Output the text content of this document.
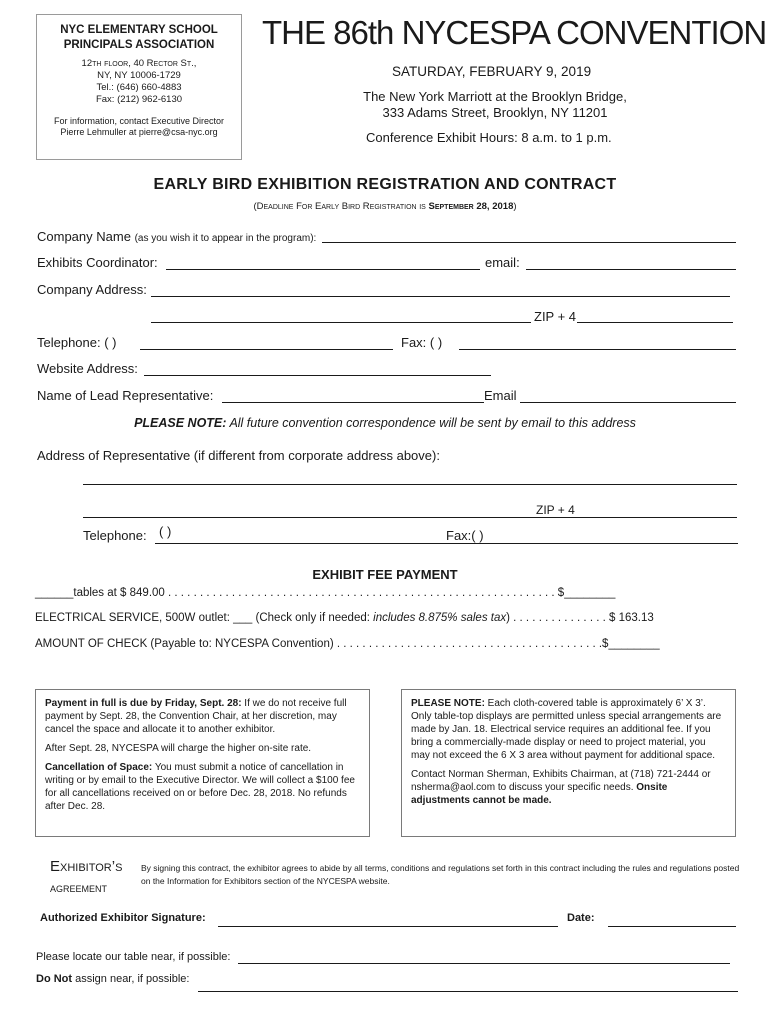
NYC ELEMENTARY SCHOOL
PRINCIPALS ASSOCIATION
12th floor, 40 Rector St.,
NY, NY 10006-1729
Tel.: (646) 660-4883
Fax: (212) 962-6130
For information, contact Executive Director
Pierre Lehmuller at pierre@csa-nyc.org
THE 86th NYCESPA CONVENTION
SATURDAY, FEBRUARY 9, 2019
The New York Marriott at the Brooklyn Bridge,
333 Adams Street, Brooklyn, NY 11201
Conference Exhibit Hours: 8 a.m. to 1 p.m.
EARLY BIRD EXHIBITION REGISTRATION AND CONTRACT
(Deadline For Early Bird Registration is September 28, 2018)
Company Name (as you wish it to appear in the program):
Exhibits Coordinator:	email:
Company Address:
ZIP + 4
Telephone: ( )	Fax: ( )
Website Address:
Name of Lead Representative:	Email
PLEASE NOTE: All future convention correspondence will be sent by email to this address
Address of Representative (if different from corporate address above):
ZIP + 4
Telephone: ( )	Fax:( )
EXHIBIT FEE PAYMENT
______tables at $ 849.00 . . . . . . . . . . . . . . . . . . . . . . . . . . . . . . . . . . . . . . . . . . . . . . . . . . . . . . . . . . . . . $________
ELECTRICAL SERVICE, 500W outlet: ___ (Check only if needed: includes 8.875% sales tax) . . . . . . . . . . . . . . . $ 163.13
AMOUNT OF CHECK (Payable to: NYCESPA Convention) . . . . . . . . . . . . . . . . . . . . . . . . . . . . . . . . . . . . . . . . . .$________

Payment in full is due by Friday, Sept. 28: If we do not receive full payment by Sept. 28, the Convention Chair, at her discretion, may cancel the space and allocate it to another exhibitor.

After Sept. 28, NYCESPA will charge the higher on-site rate.

Cancellation of Space: You must submit a notice of cancellation in writing or by email to the Executive Director. We will collect a $100 fee for all cancellations received on or before Dec. 28, 2018. No refunds after Dec. 28.

PLEASE NOTE: Each cloth-covered table is approximately 6’ X 3’. Only table-top displays are permitted unless special arrangements are made by Jan. 18. Electrical service requires an additional fee. If you bring a commercially-made display or need to project material, you may not exceed the 6 X 3 area without payment for additional space.

Contact Norman Sherman, Exhibits Chairman, at (718) 721-2444 or nsherma@aol.com to discuss your specific needs. Onsite adjustments cannot be made.

Exhibitor’s
agreement
By signing this contract, the exhibitor agrees to abide by all terms, conditions and regulations set forth in this contract including the rules and regulations posted on the Information for Exhibitors section of the NYCESPA website.
Authorized Exhibitor Signature:	Date:
Please locate our table near, if possible:
Do Not assign near, if possible:
